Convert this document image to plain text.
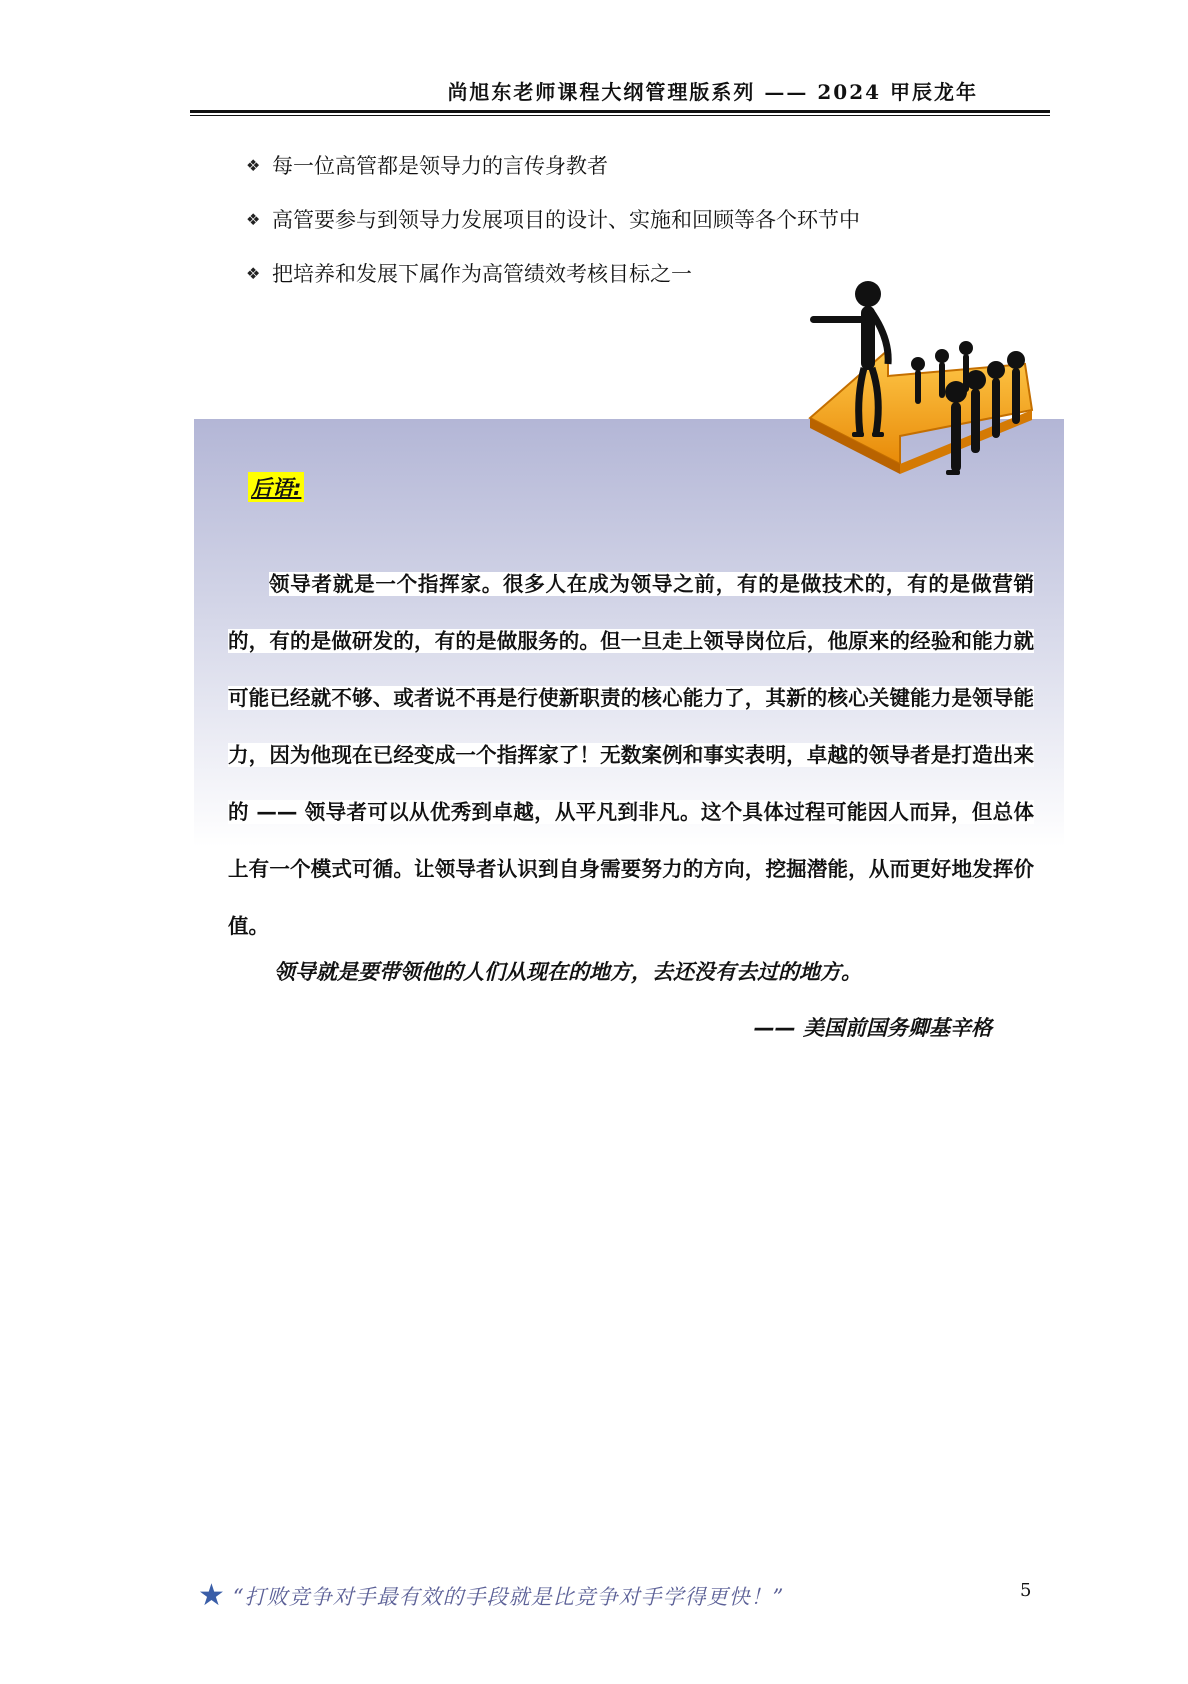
尚旭东老师课程大纲管理版系列 —— 2024 甲辰龙年
❖ 每一位高管都是领导力的言传身教者
❖ 高管要参与到领导力发展项目的设计、实施和回顾等各个环节中
❖ 把培养和发展下属作为高管绩效考核目标之一
后语:

领导者就是一个指挥家。很多人在成为领导之前，有的是做技术的，有的是做营销的，有的是做研发的，有的是做服务的。但一旦走上领导岗位后，他原来的经验和能力就可能已经就不够、或者说不再是行使新职责的核心能力了，其新的核心关键能力是领导能力，因为他现在已经变成一个指挥家了！无数案例和事实表明，卓越的领导者是打造出来的 —— 领导者可以从优秀到卓越，从平凡到非凡。这个具体过程可能因人而异，但总体上有一个模式可循。让领导者认识到自身需要努力的方向，挖掘潜能，从而更好地发挥价值。

领导就是要带领他的人们从现在的地方，去还没有去过的地方。

—— 美国前国务卿基辛格

★ “打败竞争对手最有效的手段就是比竞争对手学得更快！”	5
